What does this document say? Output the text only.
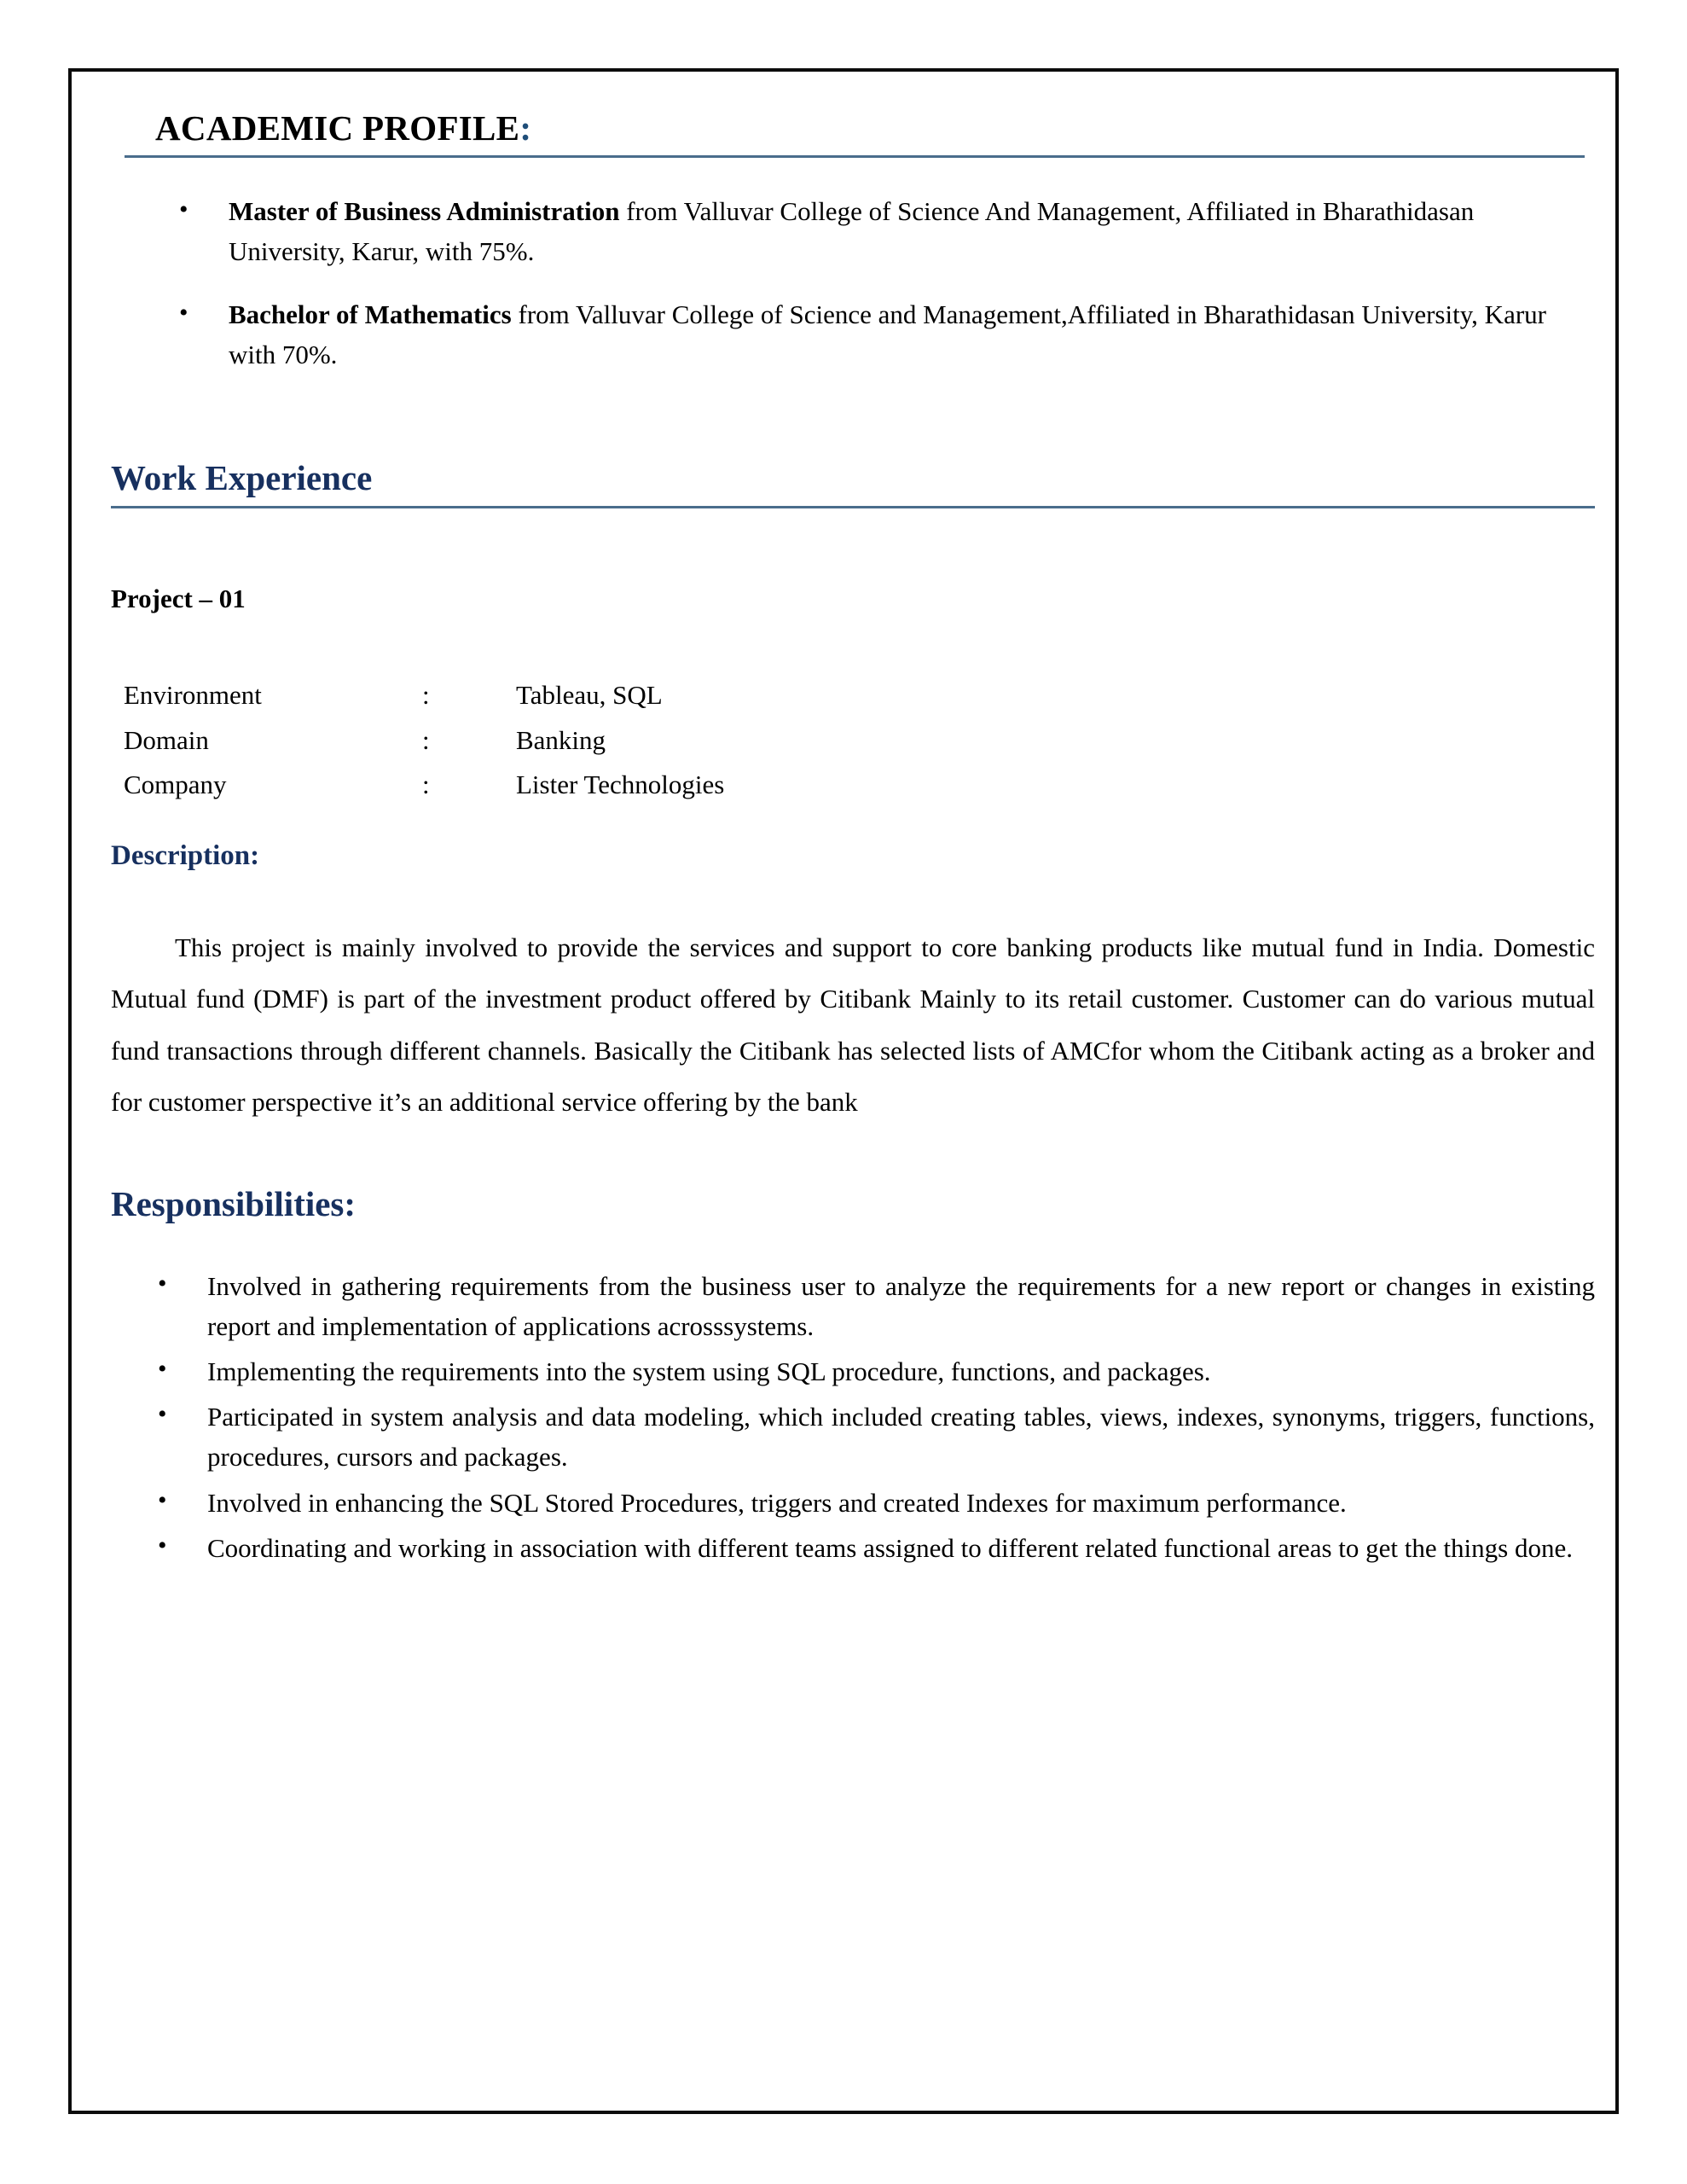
ACADEMIC PROFILE:
• Master of Business Administration from Valluvar College of Science And Management, Affiliated in Bharathidasan University, Karur, with 75%.
• Bachelor of Mathematics from Valluvar College of Science and Management,Affiliated in Bharathidasan University, Karur with 70%.
Work Experience
Project – 01
Environment	:	Tableau, SQL
Domain	:	Banking
Company	:	Lister Technologies
Description:

This project is mainly involved to provide the services and support to core banking products like mutual fund in India. Domestic Mutual fund (DMF) is part of the investment product offered by Citibank Mainly to its retail customer. Customer can do various mutual fund transactions through different channels. Basically the Citibank has selected lists of AMCfor whom the Citibank acting as a broker and for customer perspective it’s an additional service offering by the bank

Responsibilities:
• Involved in gathering requirements from the business user to analyze the requirements for a new report or changes in existing report and implementation of applications acrosssystems.
• Implementing the requirements into the system using SQL procedure, functions, and packages.
• Participated in system analysis and data modeling, which included creating tables, views, indexes, synonyms, triggers, functions, procedures, cursors and packages.
• Involved in enhancing the SQL Stored Procedures, triggers and created Indexes for maximum performance.
• Coordinating and working in association with different teams assigned to different related functional areas to get the things done.
